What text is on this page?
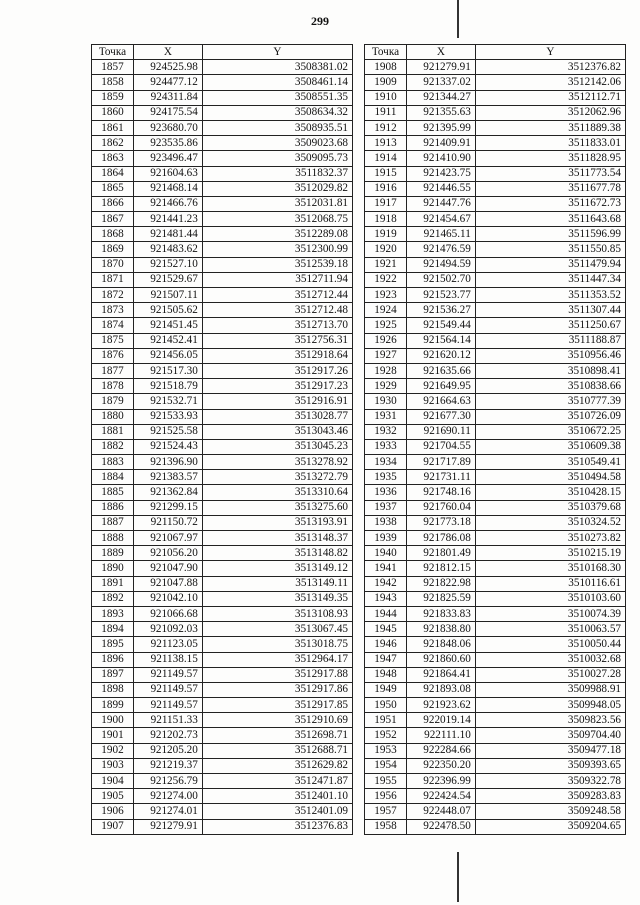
299
Точка	X	Y
1857	924525.98	3508381.02
1858	924477.12	3508461.14
1859	924311.84	3508551.35
1860	924175.54	3508634.32
1861	923680.70	3508935.51
1862	923535.86	3509023.68
1863	923496.47	3509095.73
1864	921604.63	3511832.37
1865	921468.14	3512029.82
1866	921466.76	3512031.81
1867	921441.23	3512068.75
1868	921481.44	3512289.08
1869	921483.62	3512300.99
1870	921527.10	3512539.18
1871	921529.67	3512711.94
1872	921507.11	3512712.44
1873	921505.62	3512712.48
1874	921451.45	3512713.70
1875	921452.41	3512756.31
1876	921456.05	3512918.64
1877	921517.30	3512917.26
1878	921518.79	3512917.23
1879	921532.71	3512916.91
1880	921533.93	3513028.77
1881	921525.58	3513043.46
1882	921524.43	3513045.23
1883	921396.90	3513278.92
1884	921383.57	3513272.79
1885	921362.84	3513310.64
1886	921299.15	3513275.60
1887	921150.72	3513193.91
1888	921067.97	3513148.37
1889	921056.20	3513148.82
1890	921047.90	3513149.12
1891	921047.88	3513149.11
1892	921042.10	3513149.35
1893	921066.68	3513108.93
1894	921092.03	3513067.45
1895	921123.05	3513018.75
1896	921138.15	3512964.17
1897	921149.57	3512917.88
1898	921149.57	3512917.86
1899	921149.57	3512917.85
1900	921151.33	3512910.69
1901	921202.73	3512698.71
1902	921205.20	3512688.71
1903	921219.37	3512629.82
1904	921256.79	3512471.87
1905	921274.00	3512401.10
1906	921274.01	3512401.09
1907	921279.91	3512376.83
Точка	X	Y
1908	921279.91	3512376.82
1909	921337.02	3512142.06
1910	921344.27	3512112.71
1911	921355.63	3512062.96
1912	921395.99	3511889.38
1913	921409.91	3511833.01
1914	921410.90	3511828.95
1915	921423.75	3511773.54
1916	921446.55	3511677.78
1917	921447.76	3511672.73
1918	921454.67	3511643.68
1919	921465.11	3511596.99
1920	921476.59	3511550.85
1921	921494.59	3511479.94
1922	921502.70	3511447.34
1923	921523.77	3511353.52
1924	921536.27	3511307.44
1925	921549.44	3511250.67
1926	921564.14	3511188.87
1927	921620.12	3510956.46
1928	921635.66	3510898.41
1929	921649.95	3510838.66
1930	921664.63	3510777.39
1931	921677.30	3510726.09
1932	921690.11	3510672.25
1933	921704.55	3510609.38
1934	921717.89	3510549.41
1935	921731.11	3510494.58
1936	921748.16	3510428.15
1937	921760.04	3510379.68
1938	921773.18	3510324.52
1939	921786.08	3510273.82
1940	921801.49	3510215.19
1941	921812.15	3510168.30
1942	921822.98	3510116.61
1943	921825.59	3510103.60
1944	921833.83	3510074.39
1945	921838.80	3510063.57
1946	921848.06	3510050.44
1947	921860.60	3510032.68
1948	921864.41	3510027.28
1949	921893.08	3509988.91
1950	921923.62	3509948.05
1951	922019.14	3509823.56
1952	922111.10	3509704.40
1953	922284.66	3509477.18
1954	922350.20	3509393.65
1955	922396.99	3509322.78
1956	922424.54	3509283.83
1957	922448.07	3509248.58
1958	922478.50	3509204.65
